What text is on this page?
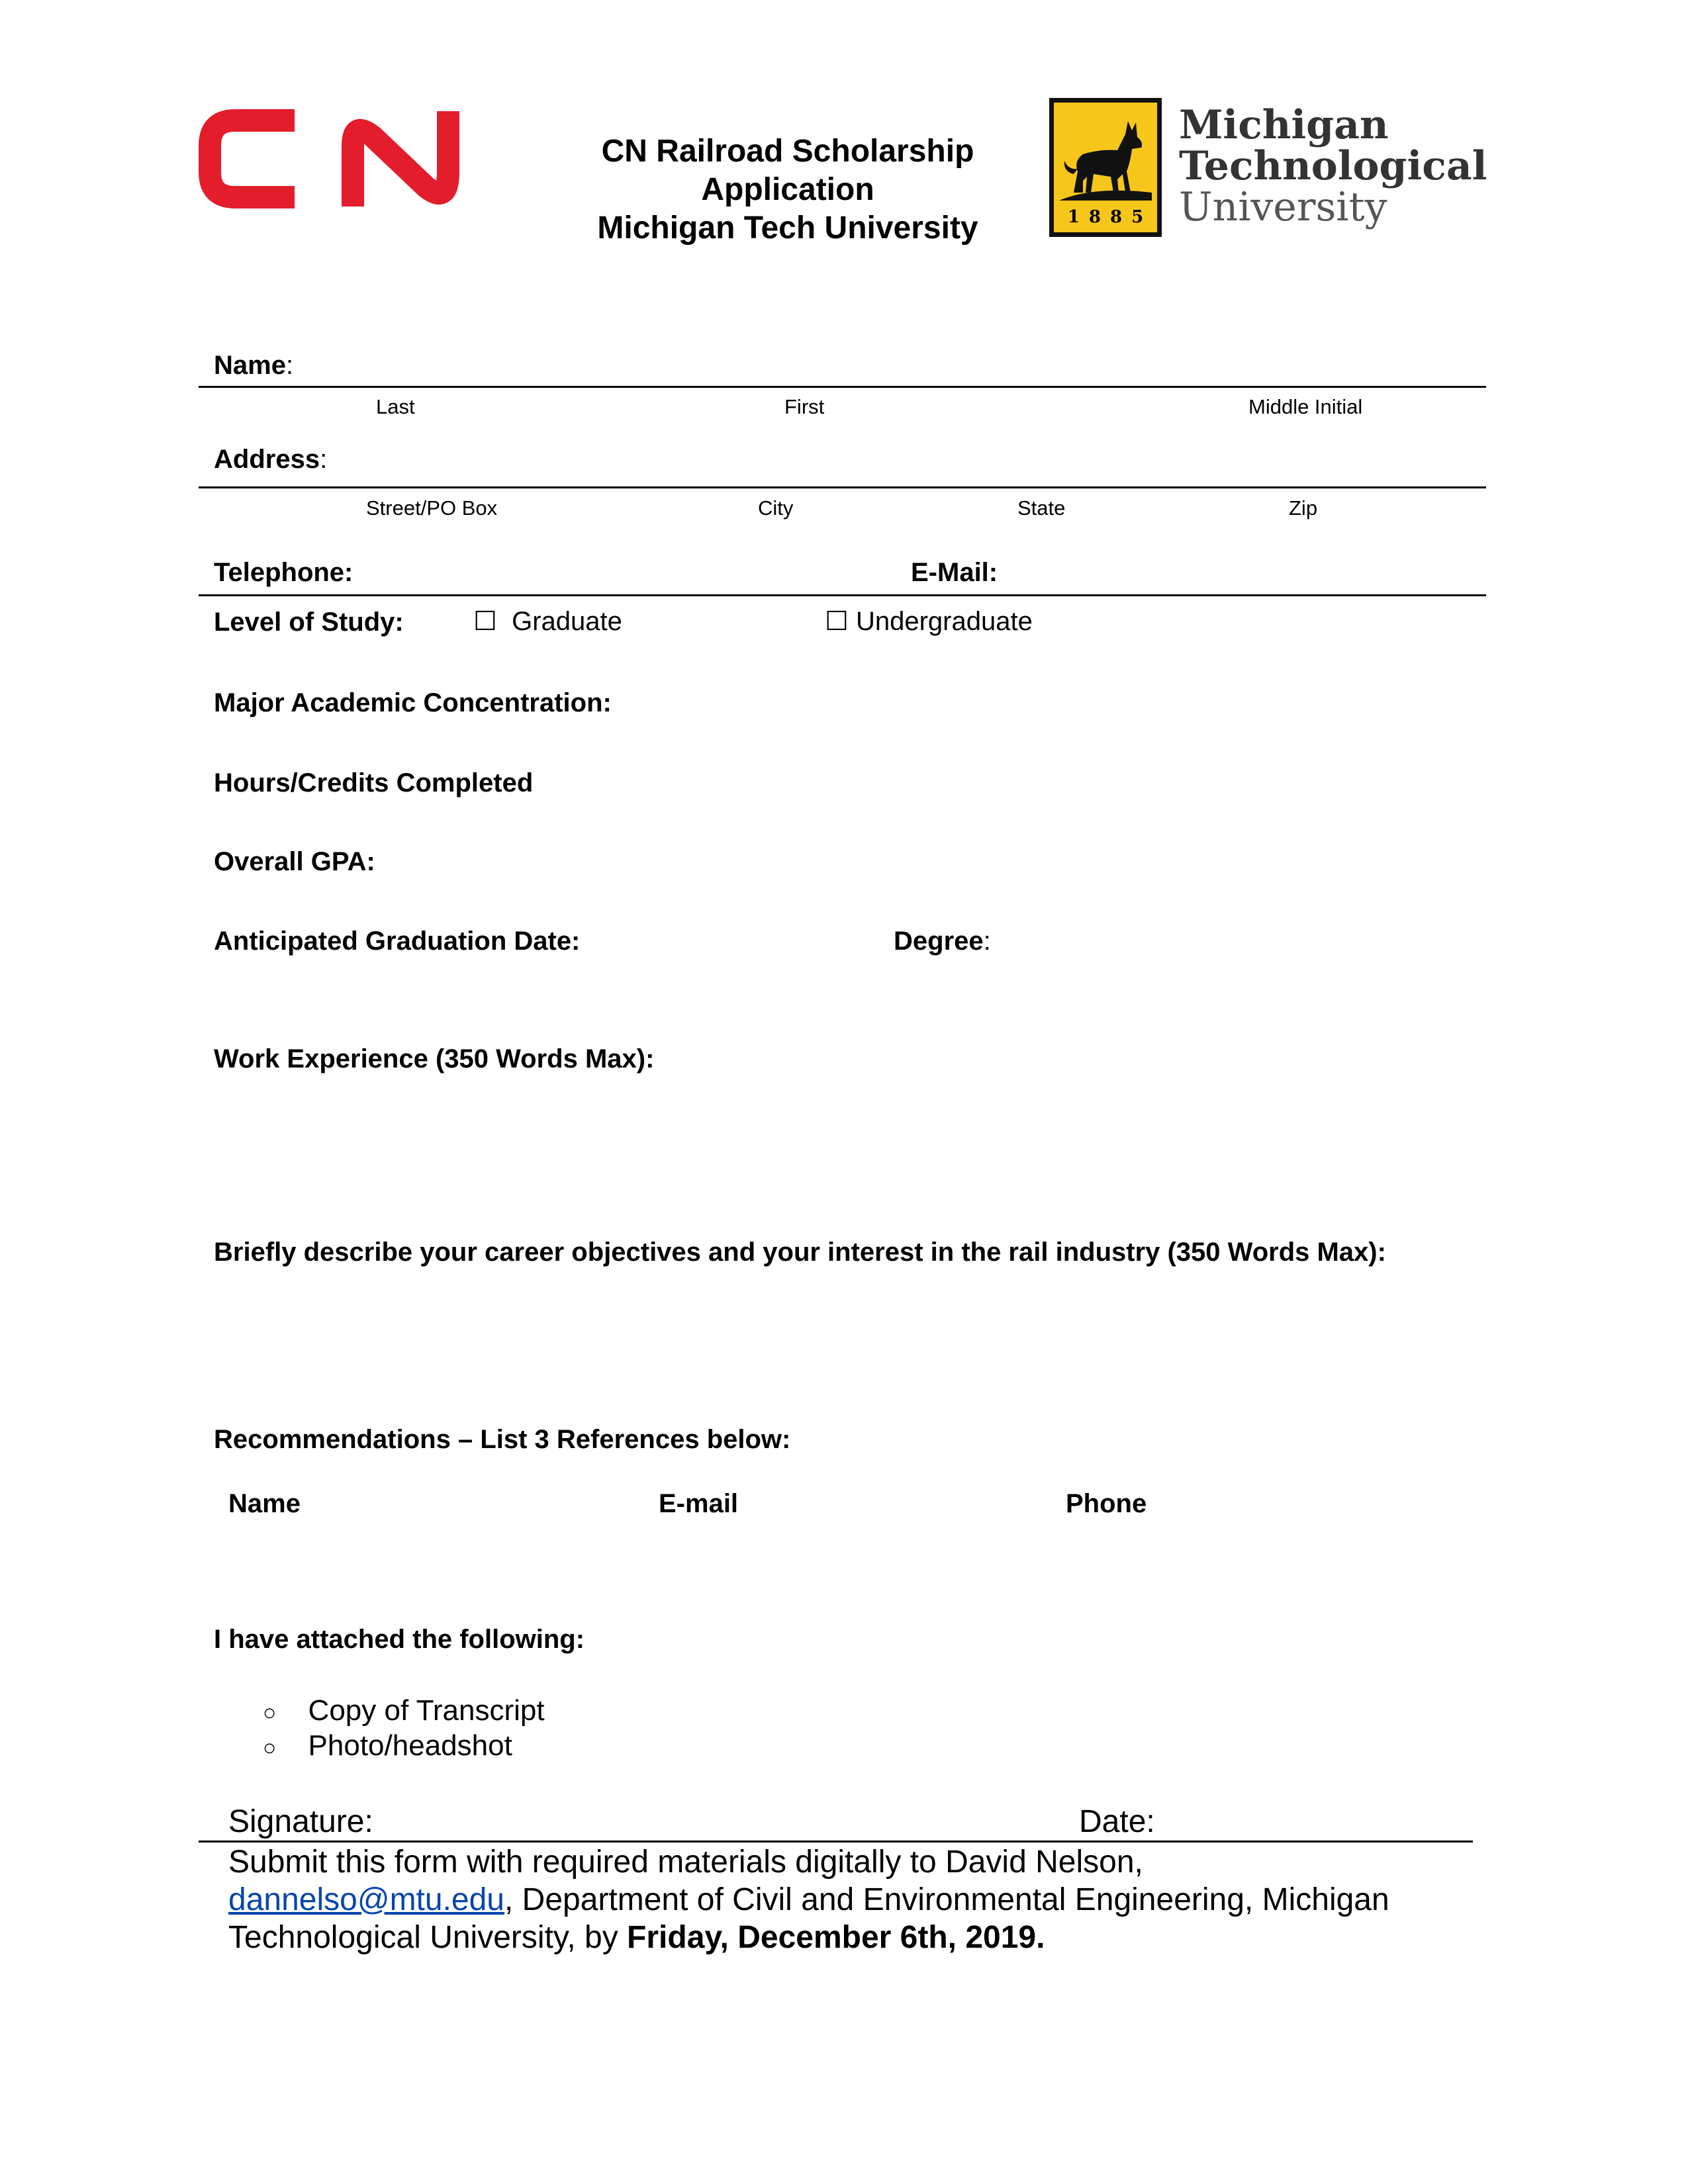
CN Railroad Scholarship
Application
Michigan Tech University	1885
Michigan
Technological
University
Name:
Last	First	Middle Initial
Address:
Street/PO Box	City	State	Zip
Telephone:	E-Mail:
Level of Study:	☐ Graduate	☐ Undergraduate
Major Academic Concentration:
Hours/Credits Completed
Overall GPA:
Anticipated Graduation Date:	Degree:
Work Experience (350 Words Max):
Briefly describe your career objectives and your interest in the rail industry (350 Words Max):
Recommendations – List 3 References below:
Name	E-mail	Phone
I have attached the following:
○ Copy of Transcript
○ Photo/headshot
Signature:	Date:
Submit this form with required materials digitally to David Nelson,
dannelso@mtu.edu, Department of Civil and Environmental Engineering, Michigan
Technological University, by Friday, December 6th, 2019.
